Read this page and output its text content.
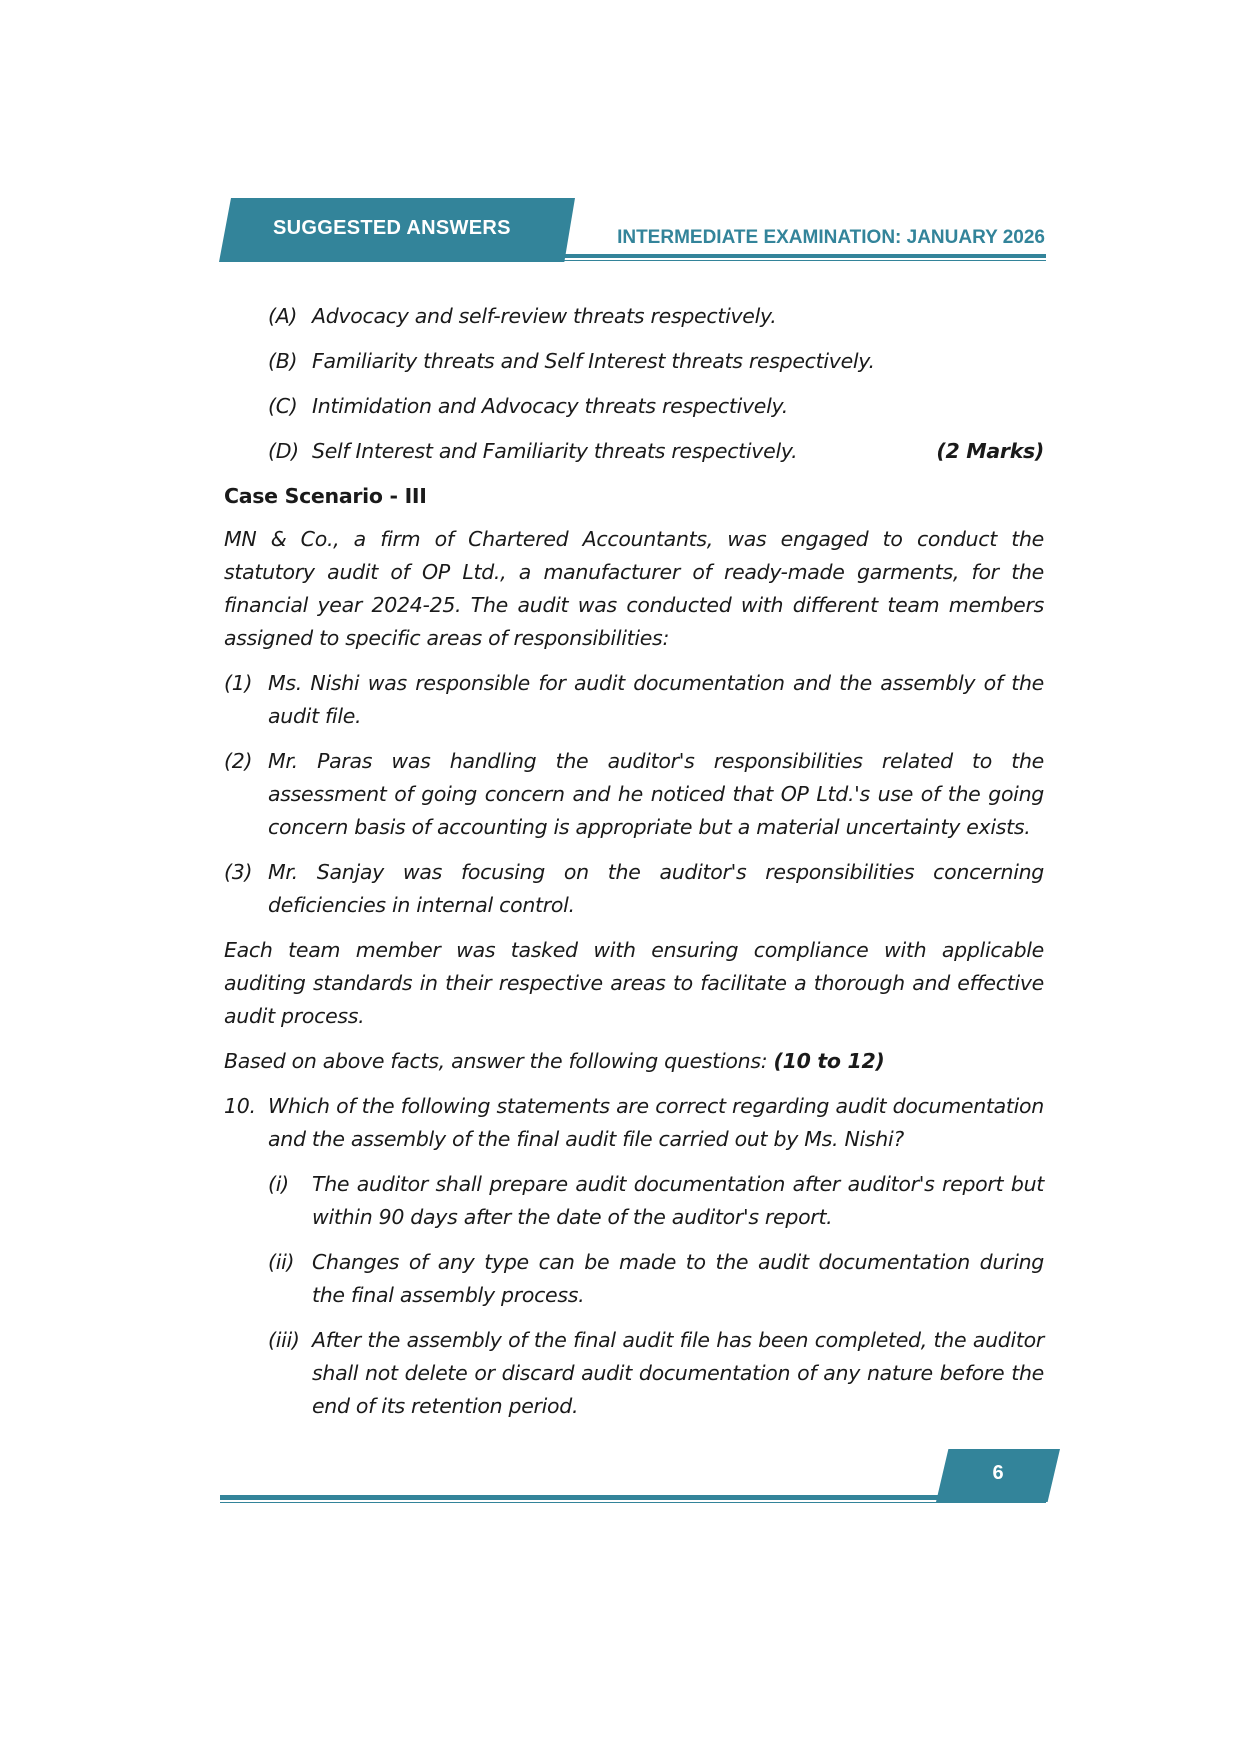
SUGGESTED ANSWERS	INTERMEDIATE EXAMINATION: JANUARY 2026

(A) Advocacy and self-review threats respectively.
(B) Familiarity threats and Self Interest threats respectively.
(C) Intimidation and Advocacy threats respectively.
(D) Self Interest and Familiarity threats respectively.	(2 Marks)
Case Scenario - III

MN & Co., a firm of Chartered Accountants, was engaged to conduct the statutory audit of OP Ltd., a manufacturer of ready-made garments, for the financial year 2024-25. The audit was conducted with different team members assigned to specific areas of responsibilities:

(1) Ms. Nishi was responsible for audit documentation and the assembly of the audit file.
(2) Mr. Paras was handling the auditor's responsibilities related to the assessment of going concern and he noticed that OP Ltd.'s use of the going concern basis of accounting is appropriate but a material uncertainty exists.
(3) Mr. Sanjay was focusing on the auditor's responsibilities concerning deficiencies in internal control.

Each team member was tasked with ensuring compliance with applicable auditing standards in their respective areas to facilitate a thorough and effective audit process.

Based on above facts, answer the following questions: (10 to 12)

10. Which of the following statements are correct regarding audit documentation and the assembly of the final audit file carried out by Ms. Nishi?
(i) The auditor shall prepare audit documentation after auditor's report but within 90 days after the date of the auditor's report.
(ii) Changes of any type can be made to the audit documentation during the final assembly process.
(iii) After the assembly of the final audit file has been completed, the auditor shall not delete or discard audit documentation of any nature before the end of its retention period.

6
